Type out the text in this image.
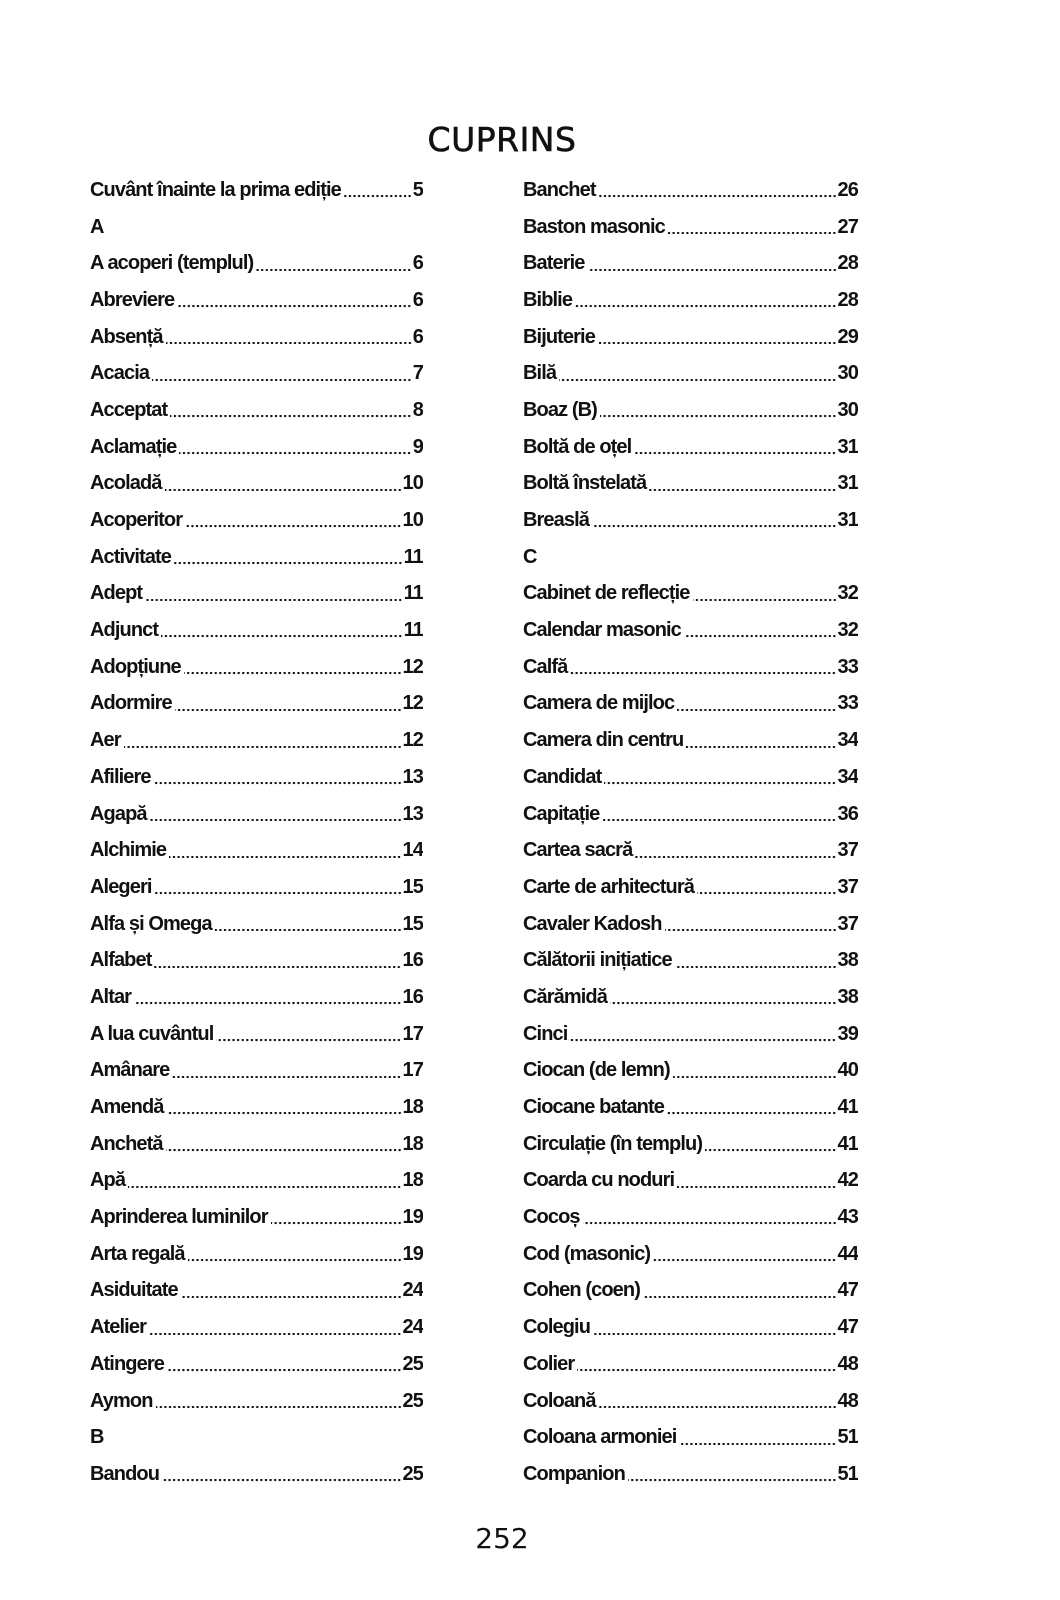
CUPRINS
Cuvânt înainte la prima ediție	5
A
A acoperi (templul)	6
Abreviere	6
Absență	6
Acacia	7
Acceptat	8
Aclamație	9
Acoladă	10
Acoperitor	10
Activitate	11
Adept	11
Adjunct	11
Adopțiune	12
Adormire	12
Aer	12
Afiliere	13
Agapă	13
Alchimie	14
Alegeri	15
Alfa și Omega	15
Alfabet	16
Altar	16
A lua cuvântul	17
Amânare	17
Amendă	18
Anchetă	18
Apă	18
Aprinderea luminilor	19
Arta regală	19
Asiduitate	24
Atelier	24
Atingere	25
Aymon	25
B
Bandou	25
Banchet	26
Baston masonic	27
Baterie	28
Biblie	28
Bijuterie	29
Bilă	30
Boaz (B)	30
Boltă de oțel	31
Boltă înstelată	31
Breaslă	31
C
Cabinet de reflecție	32
Calendar masonic	32
Calfă	33
Camera de mijloc	33
Camera din centru	34
Candidat	34
Capitație	36
Cartea sacră	37
Carte de arhitectură	37
Cavaler Kadosh	37
Călătorii inițiatice	38
Cărămidă	38
Cinci	39
Ciocan (de lemn)	40
Ciocane batante	41
Circulație (în templu)	41
Coarda cu noduri	42
Cocoș	43
Cod (masonic)	44
Cohen (coen)	47
Colegiu	47
Colier	48
Coloană	48
Coloana armoniei	51
Companion	51
252
